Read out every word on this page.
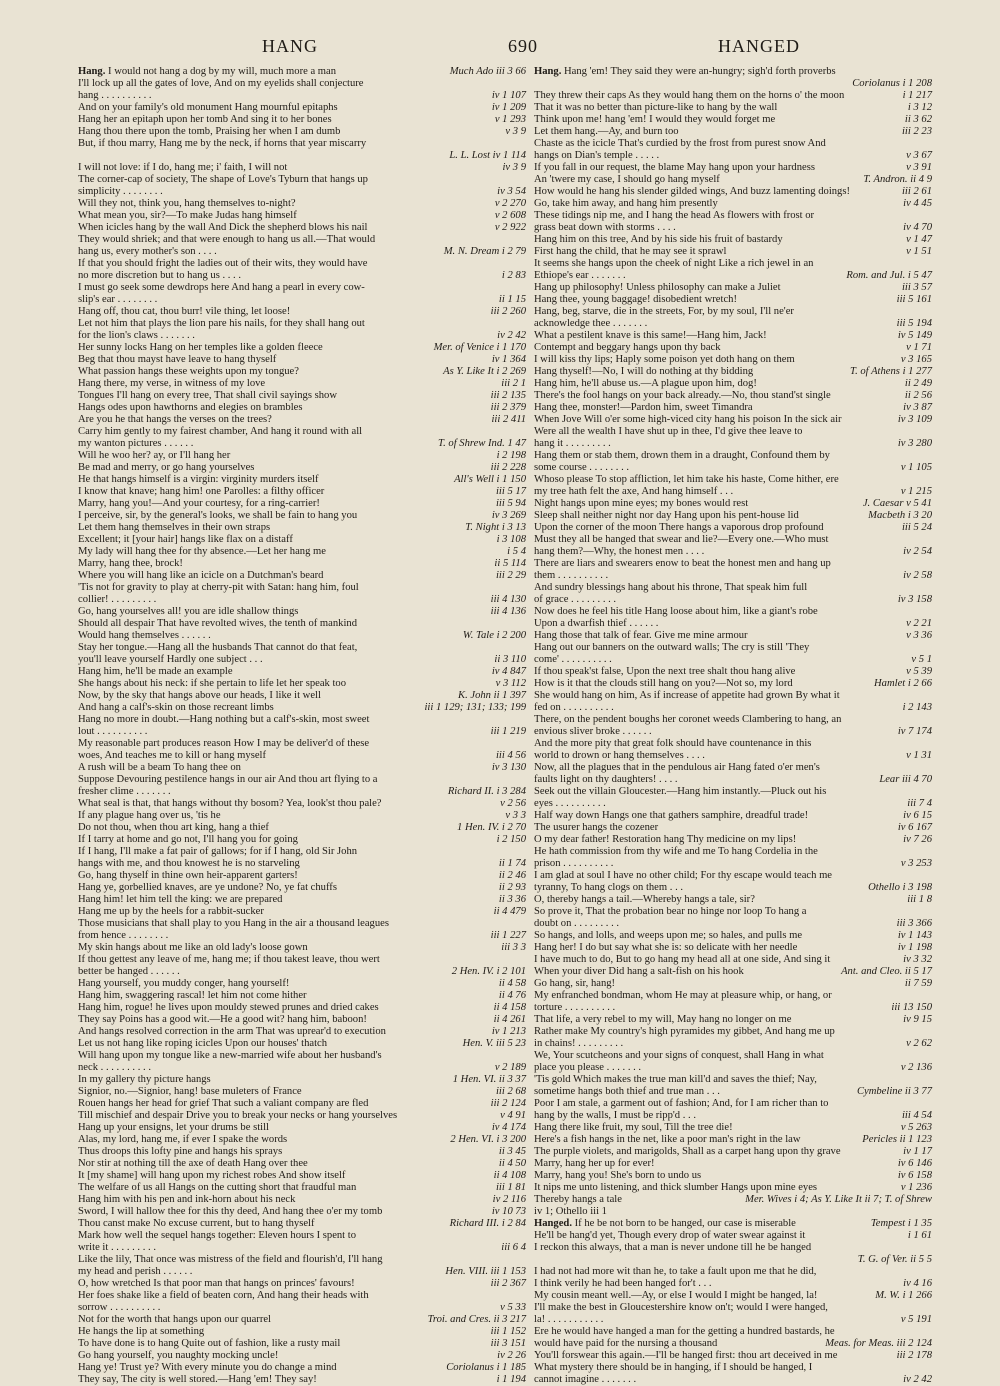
HANG	690	HANGED
Hang.
I would not hang a dog by my will, much more a man	Much Ado iii 3 66
I'll lock up all the gates of love, And on my eyelids shall conjecture
hang . . . . . . . . . .	iv 1 107
And on your family's old monument Hang mournful epitaphs	iv 1 209
Hang her an epitaph upon her tomb And sing it to her bones	v 1 293
Hang thou there upon the tomb, Praising her when I am dumb	v 3 9
But, if thou marry, Hang me by the neck, if horns that year miscarry
L. L. Lost iv 1 114
I will not love: if I do, hang me; i' faith, I will not	iv 3 9
The corner-cap of society, The shape of Love's Tyburn that hangs up
simplicity . . . . . . . .	iv 3 54
Will they not, think you, hang themselves to-night?	v 2 270
What mean you, sir?—To make Judas hang himself	v 2 608
When icicles hang by the wall And Dick the shepherd blows his nail	v 2 922
They would shriek; and that were enough to hang us all.—That would
hang us, every mother's son . . . .	M. N. Dream i 2 79
If that you should fright the ladies out of their wits, they would have
no more discretion but to hang us . . . .	i 2 83
I must go seek some dewdrops here And hang a pearl in every cow-
slip's ear . . . . . . . .	ii 1 15
Hang off, thou cat, thou burr! vile thing, let loose!	iii 2 260
Let not him that plays the lion pare his nails, for they shall hang out
for the lion's claws . . . . . . .	iv 2 42
Her sunny locks Hang on her temples like a golden fleece	Mer. of Venice i 1 170
Beg that thou mayst have leave to hang thyself	iv 1 364
What passion hangs these weights upon my tongue?	As Y. Like It i 2 269
Hang there, my verse, in witness of my love	iii 2 1
Tongues I'll hang on every tree, That shall civil sayings show	iii 2 135
Hangs odes upon hawthorns and elegies on brambles	iii 2 379
Are you he that hangs the verses on the trees?	iii 2 411
Carry him gently to my fairest chamber, And hang it round with all
my wanton pictures . . . . . .	T. of Shrew Ind. 1 47
Will he woo her? ay, or I'll hang her	i 2 198
Be mad and merry, or go hang yourselves	iii 2 228
He that hangs himself is a virgin: virginity murders itself	All's Well i 1 150
I know that knave; hang him! one Parolles: a filthy officer	iii 5 17
Marry, hang you!—And your courtesy, for a ring-carrier!	iii 5 94
I perceive, sir, by the general's looks, we shall be fain to hang you	iv 3 269
Let them hang themselves in their own straps	T. Night i 3 13
Excellent; it [your hair] hangs like flax on a distaff	i 3 108
My lady will hang thee for thy absence.—Let her hang me	i 5 4
Marry, hang thee, brock!	ii 5 114
Where you will hang like an icicle on a Dutchman's beard	iii 2 29
'Tis not for gravity to play at cherry-pit with Satan: hang him, foul
collier! . . . . . . . . .	iii 4 130
Go, hang yourselves all! you are idle shallow things	iii 4 136
Should all despair That have revolted wives, the tenth of mankind
Would hang themselves . . . . . .	W. Tale i 2 200
Stay her tongue.—Hang all the husbands That cannot do that feat,
you'll leave yourself Hardly one subject . . .	ii 3 110
Hang him, he'll be made an example	iv 4 847
She hangs about his neck: if she pertain to life let her speak too	v 3 112
Now, by the sky that hangs above our heads, I like it well	K. John ii 1 397
And hang a calf's-skin on those recreant limbs	iii 1 129; 131; 133; 199
Hang no more in doubt.—Hang nothing but a calf's-skin, most sweet
lout . . . . . . . . . .	iii 1 219
My reasonable part produces reason How I may be deliver'd of these
woes, And teaches me to kill or hang myself	iii 4 56
A rush will be a beam To hang thee on	iv 3 130
Suppose Devouring pestilence hangs in our air And thou art flying to a
fresher clime . . . . . . .	Richard II. i 3 284
What seal is that, that hangs without thy bosom? Yea, look'st thou pale?	v 2 56
If any plague hang over us, 'tis he	v 3 3
Do not thou, when thou art king, hang a thief	1 Hen. IV. i 2 70
If I tarry at home and go not, I'll hang you for going	i 2 150
If I hang, I'll make a fat pair of gallows; for if I hang, old Sir John
hangs with me, and thou knowest he is no starveling	ii 1 74
Go, hang thyself in thine own heir-apparent garters!	ii 2 46
Hang ye, gorbellied knaves, are ye undone? No, ye fat chuffs	ii 2 93
Hang him! let him tell the king: we are prepared	ii 3 36
Hang me up by the heels for a rabbit-sucker	ii 4 479
Those musicians that shall play to you Hang in the air a thousand leagues
from hence . . . . . . . .	iii 1 227
My skin hangs about me like an old lady's loose gown	iii 3 3
If thou gettest any leave of me, hang me; if thou takest leave, thou wert
better be hanged . . . . . .	2 Hen. IV. i 2 101
Hang yourself, you muddy conger, hang yourself!	ii 4 58
Hang him, swaggering rascal! let him not come hither	ii 4 76
Hang him, rogue! he lives upon mouldy stewed prunes and dried cakes	ii 4 158
They say Poins has a good wit.—He a good wit? hang him, baboon!	ii 4 261
And hangs resolved correction in the arm That was uprear'd to execution	iv 1 213
Let us not hang like roping icicles Upon our houses' thatch	Hen. V. iii 5 23
Will hang upon my tongue like a new-married wife about her husband's
neck . . . . . . . . . .	v 2 189
In my gallery thy picture hangs	1 Hen. VI. ii 3 37
Signior, no.—Signior, hang! base muleters of France	iii 2 68
Rouen hangs her head for grief That such a valiant company are fled	iii 2 124
Till mischief and despair Drive you to break your necks or hang yourselves	v 4 91
Hang up your ensigns, let your drums be still	iv 4 174
Alas, my lord, hang me, if ever I spake the words	2 Hen. VI. i 3 200
Thus droops this lofty pine and hangs his sprays	ii 3 45
Nor stir at nothing till the axe of death Hang over thee	ii 4 50
It [my shame] will hang upon my richest robes And show itself	ii 4 108
The welfare of us all Hangs on the cutting short that fraudful man	iii 1 81
Hang him with his pen and ink-horn about his neck	iv 2 116
Sword, I will hallow thee for this thy deed, And hang thee o'er my tomb	iv 10 73
Thou canst make No excuse current, but to hang thyself	Richard III. i 2 84
Mark how well the sequel hangs together: Eleven hours I spent to
write it . . . . . . . . .	iii 6 4
Like the lily, That once was mistress of the field and flourish'd, I'll hang
my head and perish . . . . . .	Hen. VIII. iii 1 153
O, how wretched Is that poor man that hangs on princes' favours!	iii 2 367
Her foes shake like a field of beaten corn, And hang their heads with
sorrow . . . . . . . . . .	v 5 33
Not for the worth that hangs upon our quarrel	Troi. and Cres. ii 3 217
He hangs the lip at something	iii 1 152
To have done is to hang Quite out of fashion, like a rusty mail	iii 3 151
Go hang yourself, you naughty mocking uncle!	iv 2 26
Hang ye! Trust ye? With every minute you do change a mind	Coriolanus i 1 185
They say, The city is well stored.—Hang 'em! They say!	i 1 194
Hang.
Hang 'em! They said they were an-hungry; sigh'd forth proverbs
Coriolanus i 1 208
They threw their caps As they would hang them on the horns o' the moon	i 1 217
That it was no better than picture-like to hang by the wall	i 3 12
Think upon me! hang 'em! I would they would forget me	ii 3 62
Let them hang.—Ay, and burn too	iii 2 23
Chaste as the icicle That's curdied by the frost from purest snow And
hangs on Dian's temple . . . . .	v 3 67
If you fall in our request, the blame May hang upon your hardness	v 3 91
An 'twere my case, I should go hang myself	T. Andron. ii 4 9
How would he hang his slender gilded wings, And buzz lamenting doings!	iii 2 61
Go, take him away, and hang him presently	iv 4 45
These tidings nip me, and I hang the head As flowers with frost or
grass beat down with storms . . . .	iv 4 70
Hang him on this tree, And by his side his fruit of bastardy	v 1 47
First hang the child, that he may see it sprawl	v 1 51
It seems she hangs upon the cheek of night Like a rich jewel in an
Ethiope's ear . . . . . . .	Rom. and Jul. i 5 47
Hang up philosophy! Unless philosophy can make a Juliet	iii 3 57
Hang thee, young baggage! disobedient wretch!	iii 5 161
Hang, beg, starve, die in the streets, For, by my soul, I'll ne'er
acknowledge thee . . . . . . .	iii 5 194
What a pestilent knave is this same!—Hang him, Jack!	iv 5 149
Contempt and beggary hangs upon thy back	v 1 71
I will kiss thy lips; Haply some poison yet doth hang on them	v 3 165
Hang thyself!—No, I will do nothing at thy bidding	T. of Athens i 1 277
Hang him, he'll abuse us.—A plague upon him, dog!	ii 2 49
There's the fool hangs on your back already.—No, thou stand'st single	ii 2 56
Hang thee, monster!—Pardon him, sweet Timandra	iv 3 87
When Jove Will o'er some high-viced city hang his poison In the sick air	iv 3 109
Were all the wealth I have shut up in thee, I'd give thee leave to
hang it . . . . . . . . .	iv 3 280
Hang them or stab them, drown them in a draught, Confound them by
some course . . . . . . . .	v 1 105
Whoso please To stop affliction, let him take his haste, Come hither, ere
my tree hath felt the axe, And hang himself . . .	v 1 215
Night hangs upon mine eyes; my bones would rest	J. Caesar v 5 41
Sleep shall neither night nor day Hang upon his pent-house lid	Macbeth i 3 20
Upon the corner of the moon There hangs a vaporous drop profound	iii 5 24
Must they all be hanged that swear and lie?—Every one.—Who must
hang them?—Why, the honest men . . . .	iv 2 54
There are liars and swearers enow to beat the honest men and hang up
them . . . . . . . . . .	iv 2 58
And sundry blessings hang about his throne, That speak him full
of grace . . . . . . . . .	iv 3 158
Now does he feel his title Hang loose about him, like a giant's robe
Upon a dwarfish thief . . . . . .	v 2 21
Hang those that talk of fear. Give me mine armour	v 3 36
Hang out our banners on the outward walls; The cry is still 'They
come' . . . . . . . . . .	v 5 1
If thou speak'st false, Upon the next tree shalt thou hang alive	v 5 39
How is it that the clouds still hang on you?—Not so, my lord	Hamlet i 2 66
She would hang on him, As if increase of appetite had grown By what it
fed on . . . . . . . . . .	i 2 143
There, on the pendent boughs her coronet weeds Clambering to hang, an
envious sliver broke . . . . . .	iv 7 174
And the more pity that great folk should have countenance in this
world to drown or hang themselves . . . .	v 1 31
Now, all the plagues that in the pendulous air Hang fated o'er men's
faults light on thy daughters! . . . .	Lear iii 4 70
Seek out the villain Gloucester.—Hang him instantly.—Pluck out his
eyes . . . . . . . . . .	iii 7 4
Half way down Hangs one that gathers samphire, dreadful trade!	iv 6 15
The usurer hangs the cozener	iv 6 167
O my dear father! Restoration hang Thy medicine on my lips!	iv 7 26
He hath commission from thy wife and me To hang Cordelia in the
prison . . . . . . . . . .	v 3 253
I am glad at soul I have no other child; For thy escape would teach me
tyranny, To hang clogs on them . . .	Othello i 3 198
O, thereby hangs a tail.—Whereby hangs a tale, sir?	iii 1 8
So prove it, That the probation bear no hinge nor loop To hang a
doubt on . . . . . . . . .	iii 3 366
So hangs, and lolls, and weeps upon me; so hales, and pulls me	iv 1 143
Hang her! I do but say what she is: so delicate with her needle	iv 1 198
I have much to do, But to go hang my head all at one side, And sing it	iv 3 32
When your diver Did hang a salt-fish on his hook	Ant. and Cleo. ii 5 17
Go hang, sir, hang!	ii 7 59
My enfranched bondman, whom He may at pleasure whip, or hang, or
torture . . . . . . . . . .	iii 13 150
That life, a very rebel to my will, May hang no longer on me	iv 9 15
Rather make My country's high pyramides my gibbet, And hang me up
in chains! . . . . . . . . .	v 2 62
We, Your scutcheons and your signs of conquest, shall Hang in what
place you please . . . . . . .	v 2 136
'Tis gold Which makes the true man kill'd and saves the thief; Nay,
sometime hangs both thief and true man . . .	Cymbeline ii 3 77
Poor I am stale, a garment out of fashion; And, for I am richer than to
hang by the walls, I must be ripp'd . . .	iii 4 54
Hang there like fruit, my soul, Till the tree die!	v 5 263
Here's a fish hangs in the net, like a poor man's right in the law	Pericles ii 1 123
The purple violets, and marigolds, Shall as a carpet hang upon thy grave	iv 1 17
Marry, hang her up for ever!	iv 6 146
Marry, hang you! She's born to undo us	iv 6 158
It nips me unto listening, and thick slumber Hangs upon mine eyes	v 1 236
Thereby hangs a tale	Mer. Wives i 4; As Y. Like It ii 7; T. of Shrew
iv 1; Othello iii 1
Hanged.
If he be not born to be hanged, our case is miserable	Tempest i 1 35
He'll be hang'd yet, Though every drop of water swear against it	i 1 61
I reckon this always, that a man is never undone till he be hanged
T. G. of Ver. ii 5 5
I had not had more wit than he, to take a fault upon me that he did,
I think verily he had been hanged for't . . .	iv 4 16
My cousin meant well.—Ay, or else I would I might be hanged, la!	M. W. i 1 266
I'll make the best in Gloucestershire know on't; would I were hanged,
la! . . . . . . . . . . .	v 5 191
Ere he would have hanged a man for the getting a hundred bastards, he
would have paid for the nursing a thousand	Meas. for Meas. iii 2 124
You'll forswear this again.—I'll be hanged first: thou art deceived in me	iii 2 178
What mystery there should be in hanging, if I should be hanged, I
cannot imagine . . . . . . .	iv 2 42
